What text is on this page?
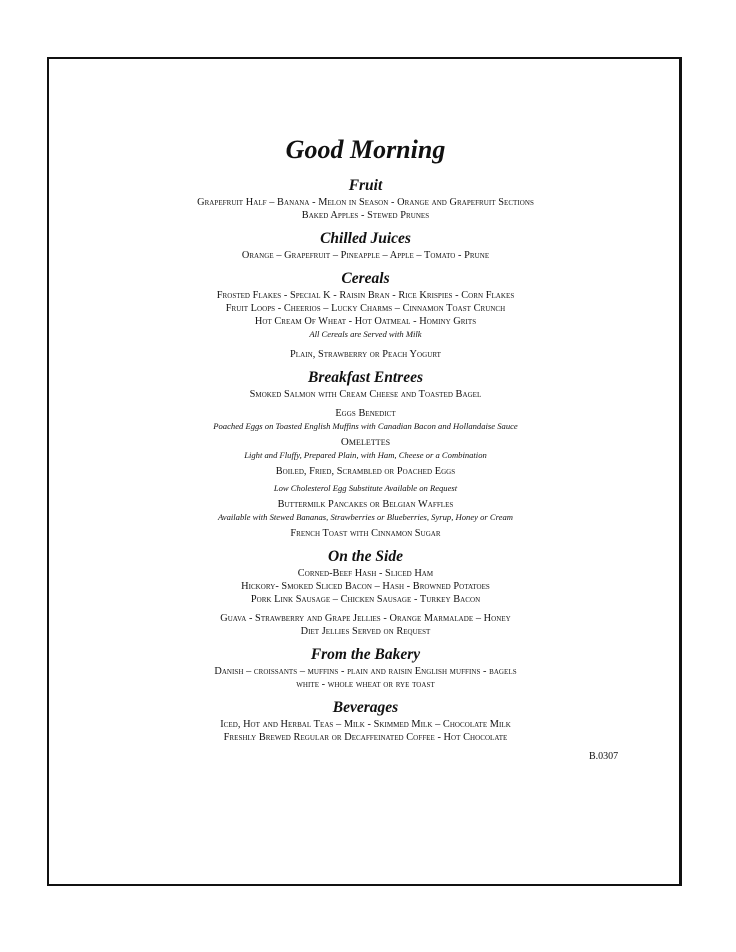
Good Morning
Fruit
Grapefruit Half – Banana - Melon in Season - Orange and Grapefruit Sections
Baked Apples - Stewed Prunes
Chilled Juices
Orange – Grapefruit – Pineapple – Apple – Tomato - Prune
Cereals
Frosted Flakes - Special K - Raisin Bran - Rice Krispies - Corn Flakes
Fruit Loops - Cheerios – Lucky Charms – Cinnamon Toast Crunch
Hot Cream Of Wheat - Hot Oatmeal - Hominy Grits
All Cereals are Served with Milk
Plain, Strawberry or Peach Yogurt
Breakfast Entrees
Smoked Salmon with Cream Cheese and Toasted Bagel
Eggs Benedict
Poached Eggs on Toasted English Muffins with Canadian Bacon and Hollandaise Sauce
Omelettes
Light and Fluffy, Prepared Plain, with Ham, Cheese or a Combination
Boiled, Fried, Scrambled or Poached Eggs
Low Cholesterol Egg Substitute Available on Request
Buttermilk Pancakes or Belgian Waffles
Available with Stewed Bananas, Strawberries or Blueberries, Syrup, Honey or Cream
French Toast with Cinnamon Sugar
On the Side
Corned-Beef Hash - Sliced Ham
Hickory- Smoked Sliced Bacon – Hash - Browned Potatoes
Pork Link Sausage – Chicken Sausage - Turkey Bacon
Guava - Strawberry and Grape Jellies - Orange Marmalade – Honey
Diet Jellies Served on Request
From the Bakery
Danish – croissants – muffins - plain and raisin English muffins - bagels
white - whole wheat or rye toast
Beverages
Iced, Hot and Herbal Teas – Milk - Skimmed Milk – Chocolate Milk
Freshly Brewed Regular or Decaffeinated Coffee - Hot Chocolate
B.0307
